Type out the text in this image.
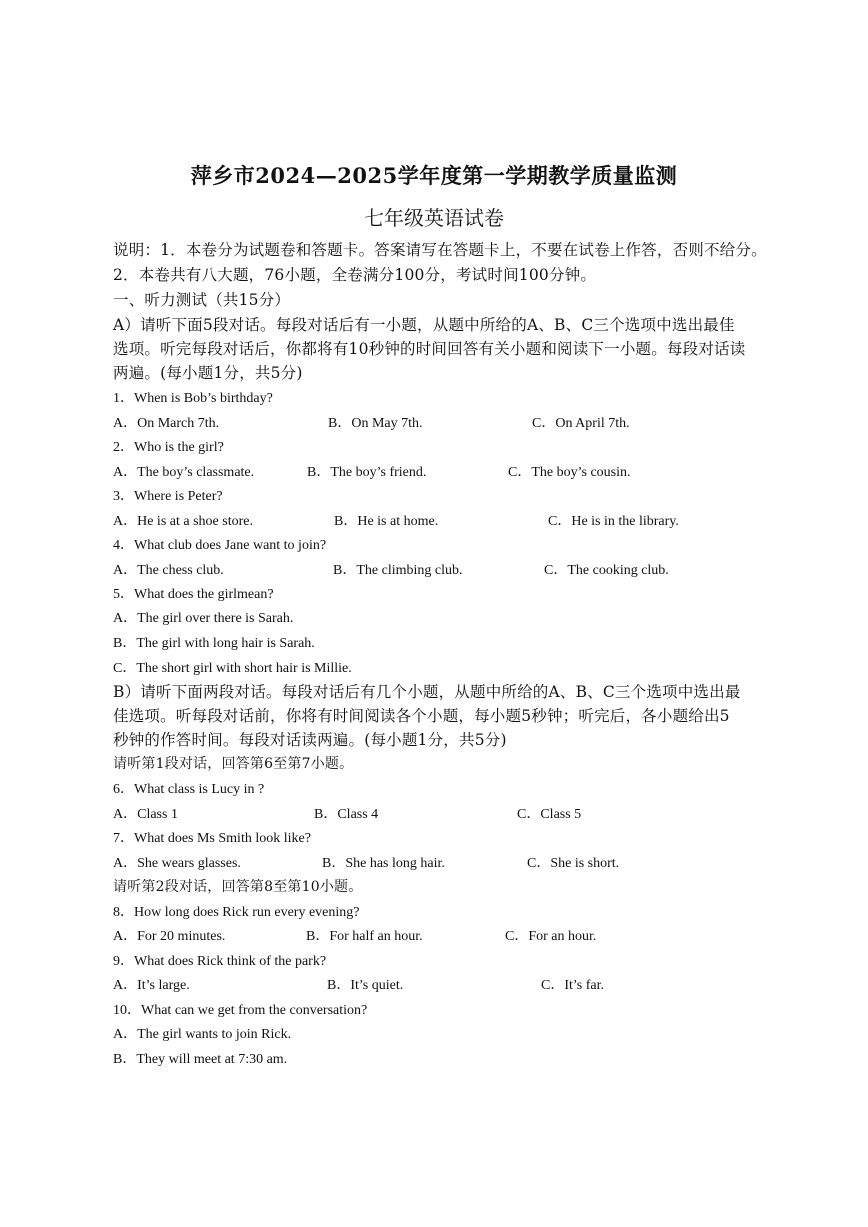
萍乡市2024—2025学年度第一学期教学质量监测
七年级英语试卷
说明：1．本卷分为试题卷和答题卡。答案请写在答题卡上，不要在试卷上作答，否则不给分。
2．本卷共有八大题，76小题，全卷满分100分，考试时间100分钟。
一、听力测试（共15分）
A）请听下面5段对话。每段对话后有一小题，从题中所给的A、B、C三个选项中选出最佳
选项。听完每段对话后，你都将有10秒钟的时间回答有关小题和阅读下一小题。每段对话读
两遍。(每小题1分，共5分)
1．When is Bob’s birthday?
A．On March 7th.	B．On May 7th.	C．On April 7th.
2．Who is the girl?
A．The boy’s classmate.	B．The boy’s friend.	C．The boy’s cousin.
3．Where is Peter?
A．He is at a shoe store.	B．He is at home.	C．He is in the library.
4．What club does Jane want to join?
A．The chess club.	B．The climbing club.	C．The cooking club.
5．What does the girlmean?
A．The girl over there is Sarah.
B．The girl with long hair is Sarah.
C．The short girl with short hair is Millie.
B）请听下面两段对话。每段对话后有几个小题，从题中所给的A、B、C三个选项中选出最
佳选项。听每段对话前，你将有时间阅读各个小题，每小题5秒钟；听完后，各小题给出5
秒钟的作答时间。每段对话读两遍。(每小题1分，共5分)
请听第1段对话，回答第6至第7小题。
6．What class is Lucy in ?
A．Class 1	B．Class 4	C．Class 5
7．What does Ms Smith look like?
A．She wears glasses.	B．She has long hair.	C．She is short.
请听第2段对话，回答第8至第10小题。
8．How long does Rick run every evening?
A．For 20 minutes.	B．For half an hour.	C．For an hour.
9．What does Rick think of the park?
A．It’s large.	B．It’s quiet.	C．It’s far.
10．What can we get from the conversation?
A．The girl wants to join Rick.
B．They will meet at 7:30 am.
